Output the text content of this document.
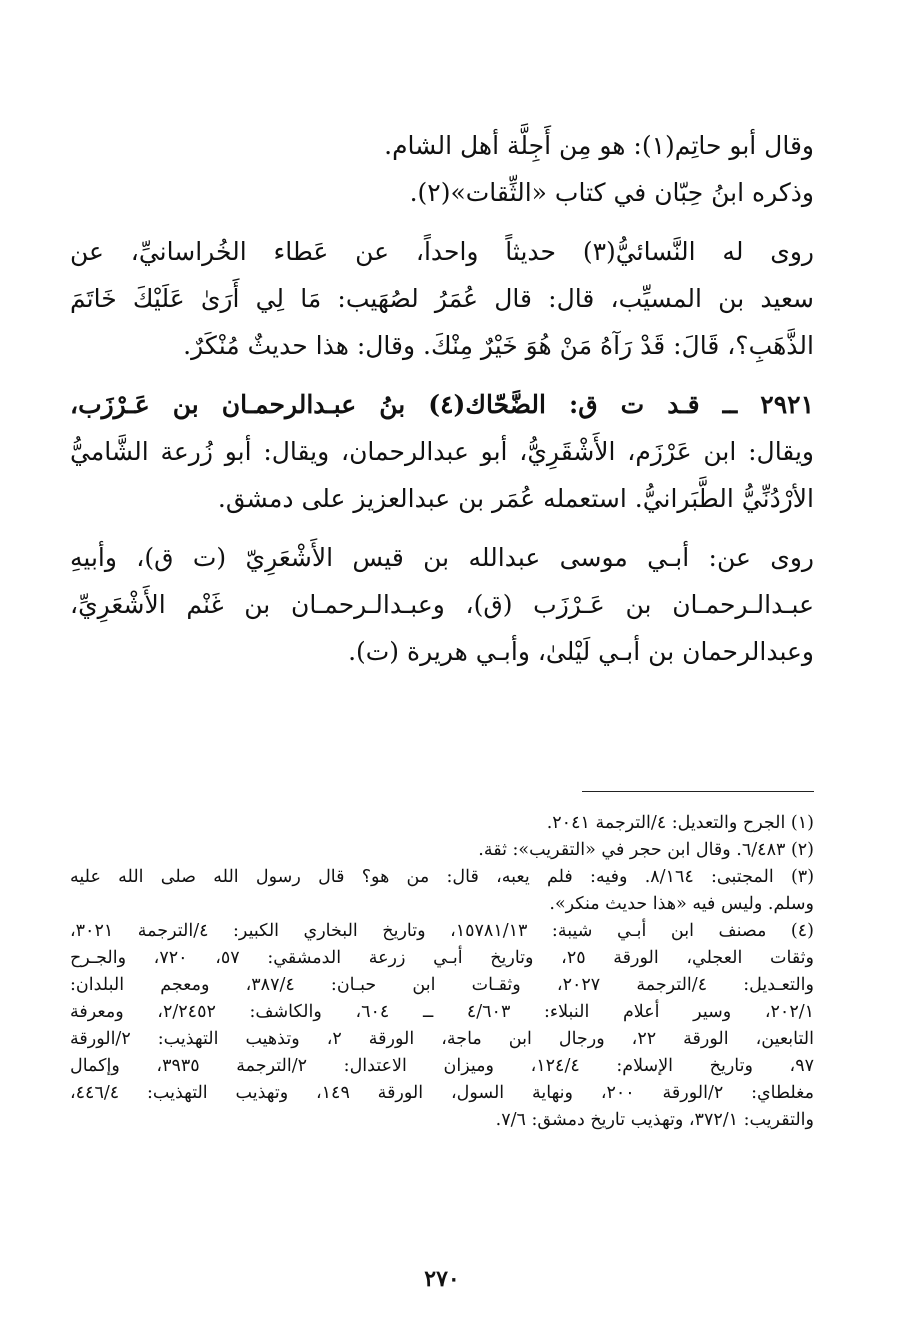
وقال أبو حاتِم(١): هو مِن أَجِلَّة أهل الشام.

وذكره ابنُ حِبّان في كتاب «الثِّقات»(٢).

روى له النَّسائيُّ(٣) حديثاً واحداً، عن عَطاء الخُراسانيِّ، عن
سعيد بن المسيِّب، قال: قال عُمَرُ لصُهَيب: مَا لِي أَرَىٰ عَلَيْكَ خَاتَمَ
الذَّهَبِ؟، قَالَ: قَدْ رَآهُ مَنْ هُوَ خَيْرٌ مِنْكَ. وقال: هذا حديثٌ مُنْكَرٌ.

٢٩٢١ ــ قـد ت ق: الضَّحّاك(٤) بنُ عبـدالرحمـان بن عَـرْزَب،
ويقال: ابن عَرْزَم، الأَشْقَرِيُّ، أبو عبدالرحمان، ويقال: أبو زُرعة الشَّاميُّ
الأرْدُنِّيُّ الطَّبَرانيُّ. استعمله عُمَر بن عبدالعزيز على دمشق.

روى عن: أبـي موسى عبدالله بن قيس الأَشْعَرِيّ (ت ق)، وأبيهِ
عبـدالـرحمـان بن عَـرْزَب (ق)، وعبـدالـرحمـان بن غَنْم الأَشْعَرِيِّ،
وعبدالرحمان بن أبـي لَيْلىٰ، وأبـي هريرة (ت).

(١) الجرح والتعديل: ٤/الترجمة ٢٠٤١.
(٢) ٦/٤٨٣. وقال ابن حجر في «التقريب»: ثقة.
(٣) المجتبى: ٨/١٦٤. وفيه: فلم يعبه، قال: من هو؟ قال رسول الله صلى الله عليه
وسلم. وليس فيه «هذا حديث منكر».
(٤) مصنف ابن أبـي شيبة: ١٥٧٨١/١٣، وتاريخ البخاري الكبير: ٤/الترجمة ٣٠٢١،
وثقات العجلي، الورقة ٢٥، وتاريخ أبـي زرعة الدمشقي: ٥٧، ٧٢٠، والجـرح
والتعـديل: ٤/الترجمة ٢٠٢٧، وثقـات ابن حبـان: ٣٨٧/٤، ومعجم البلدان:
٢٠٢/١، وسير أعلام النبلاء: ٤/٦٠٣ ــ ٦٠٤، والكاشف: ٢/٢٤٥٢، ومعرفة
التابعين، الورقة ٢٢، ورجال ابن ماجة، الورقة ٢، وتذهيب التهذيب: ٢/الورقة
٩٧، وتاريخ الإسلام: ١٢٤/٤، وميزان الاعتدال: ٢/الترجمة ٣٩٣٥، وإكمال
مغلطاي: ٢/الورقة ٢٠٠، ونهاية السول، الورقة ١٤٩، وتهذيب التهذيب: ٤٤٦/٤،
والتقريب: ٣٧٢/١، وتهذيب تاريخ دمشق: ٧/٦.
٢٧٠
